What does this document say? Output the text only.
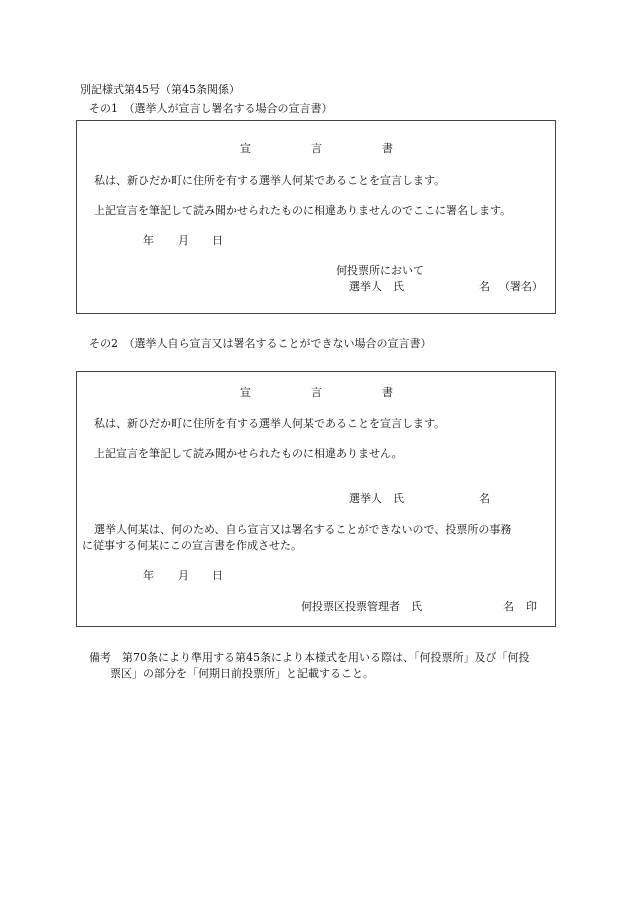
別記様式第45号（第45条関係）
その1　（選挙人が宣言し署名する場合の宣言書）
宣	言	書
私は、新ひだか町に住所を有する選挙人何某であることを宣言します。
上記宣言を筆記して読み聞かせられたものに相違ありませんのでここに署名します。
年 月 日
何投票所において
選挙人　氏	名 （署名）
その2　（選挙人自ら宣言又は署名することができない場合の宣言書）
宣	言	書
私は、新ひだか町に住所を有する選挙人何某であることを宣言します。
上記宣言を筆記して読み聞かせられたものに相違ありません。
選挙人　氏	名
選挙人何某は、何のため、自ら宣言又は署名することができないので、投票所の事務
に従事する何某にこの宣言書を作成させた。
年 月 日
何投票区投票管理者　氏	名 印
備考 第70条により準用する第45条により本様式を用いる際は、「何投票所」及び「何投
票区」の部分を「何期日前投票所」と記載すること。
